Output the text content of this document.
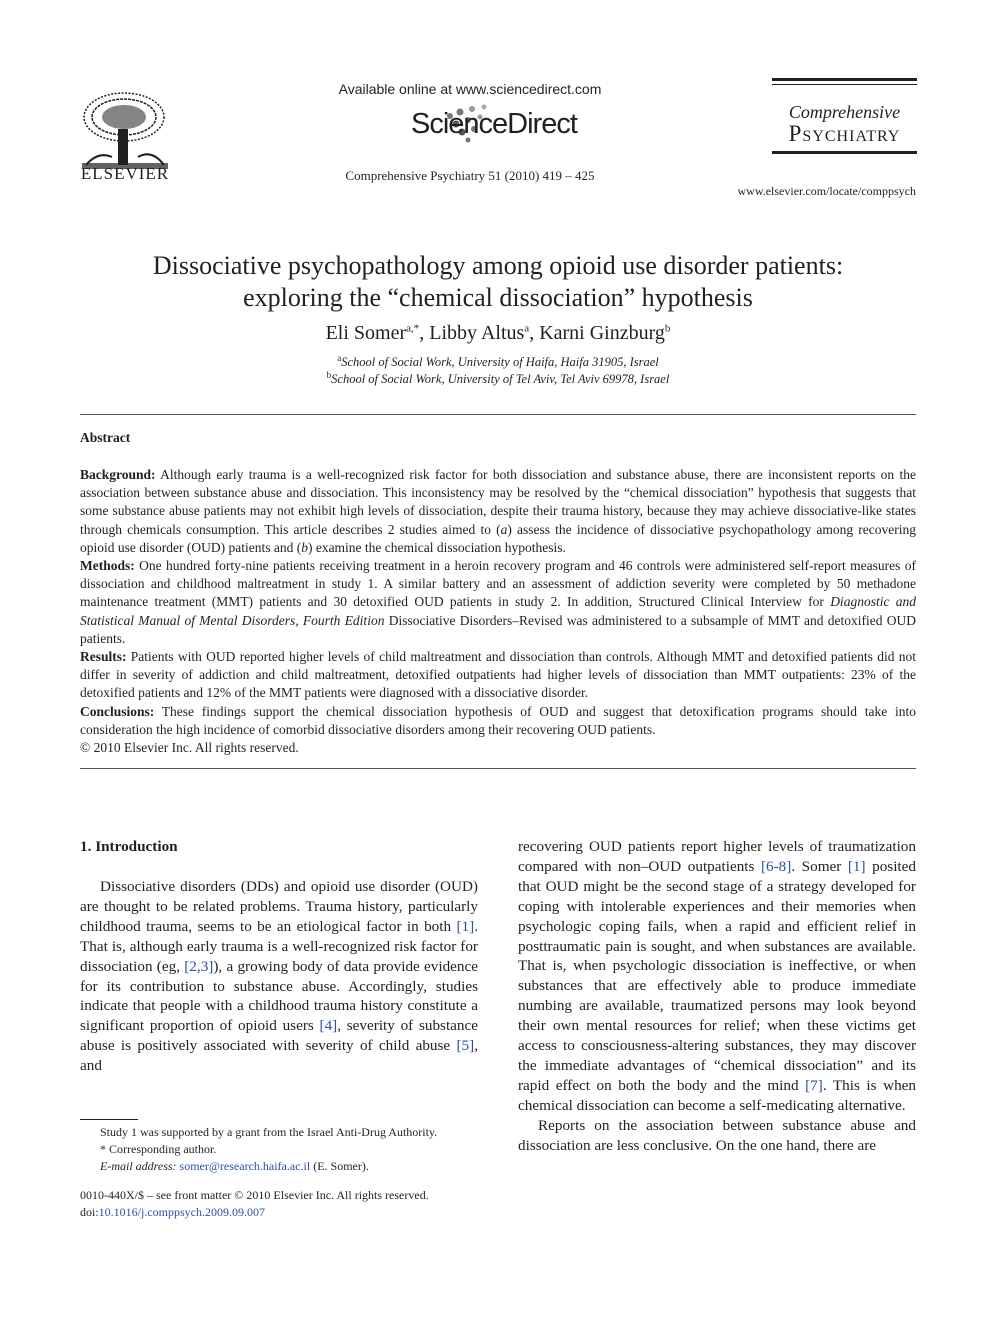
ELSEVIER
Available online at www.sciencedirect.com
ScienceDirect
Comprehensive Psychiatry 51 (2010) 419 – 425
Comprehensive
Psychiatry
www.elsevier.com/locate/comppsych
Dissociative psychopathology among opioid use disorder patients:
exploring the “chemical dissociation” hypothesis
Eli Somer$^{a,*}$, Libby Altus$^a$, Karni Ginzburg$^b$
$^a$School of Social Work, University of Haifa, Haifa 31905, Israel
$^b$School of Social Work, University of Tel Aviv, Tel Aviv 69978, Israel
Abstract

Background: Although early trauma is a well-recognized risk factor for both dissociation and substance abuse, there are inconsistent reports on the association between substance abuse and dissociation. This inconsistency may be resolved by the “chemical dissociation” hypothesis that suggests that some substance abuse patients may not exhibit high levels of dissociation, despite their trauma history, because they may achieve dissociative-like states through chemicals consumption. This article describes 2 studies aimed to (a) assess the incidence of dissociative psychopathology among recovering opioid use disorder (OUD) patients and (b) examine the chemical dissociation hypothesis.

Methods: One hundred forty-nine patients receiving treatment in a heroin recovery program and 46 controls were administered self-report measures of dissociation and childhood maltreatment in study 1. A similar battery and an assessment of addiction severity were completed by 50 methadone maintenance treatment (MMT) patients and 30 detoxified OUD patients in study 2. In addition, Structured Clinical Interview for Diagnostic and Statistical Manual of Mental Disorders, Fourth Edition Dissociative Disorders–Revised was administered to a subsample of MMT and detoxified OUD patients.

Results: Patients with OUD reported higher levels of child maltreatment and dissociation than controls. Although MMT and detoxified patients did not differ in severity of addiction and child maltreatment, detoxified outpatients had higher levels of dissociation than MMT outpatients: 23% of the detoxified patients and 12% of the MMT patients were diagnosed with a dissociative disorder.

Conclusions: These findings support the chemical dissociation hypothesis of OUD and suggest that detoxification programs should take into consideration the high incidence of comorbid dissociative disorders among their recovering OUD patients.

© 2010 Elsevier Inc. All rights reserved.

1. Introduction

Dissociative disorders (DDs) and opioid use disorder (OUD) are thought to be related problems. Trauma history, particularly childhood trauma, seems to be an etiological factor in both [1]. That is, although early trauma is a well-recognized risk factor for dissociation (eg, [2,3]), a growing body of data provide evidence for its contribution to substance abuse. Accordingly, studies indicate that people with a childhood trauma history constitute a significant proportion of opioid users [4], severity of substance abuse is positively associated with severity of child abuse [5], and

recovering OUD patients report higher levels of traumatization compared with non–OUD outpatients [6-8]. Somer [1] posited that OUD might be the second stage of a strategy developed for coping with intolerable experiences and their memories when psychologic coping fails, when a rapid and efficient relief in posttraumatic pain is sought, and when substances are available. That is, when psychologic dissociation is ineffective, or when substances that are effectively able to produce immediate numbing are available, traumatized persons may look beyond their own mental resources for relief; when these victims get access to consciousness-altering substances, they may discover the immediate advantages of “chemical dissociation” and its rapid effect on both the body and the mind [7]. This is when chemical dissociation can become a self-medicating alternative.

Reports on the association between substance abuse and dissociation are less conclusive. On the one hand, there are

Study 1 was supported by a grant from the Israel Anti-Drug Authority.
* Corresponding author.
E-mail address: somer@research.haifa.ac.il (E. Somer).
0010-440X/$ – see front matter © 2010 Elsevier Inc. All rights reserved.
doi:10.1016/j.comppsych.2009.09.007
